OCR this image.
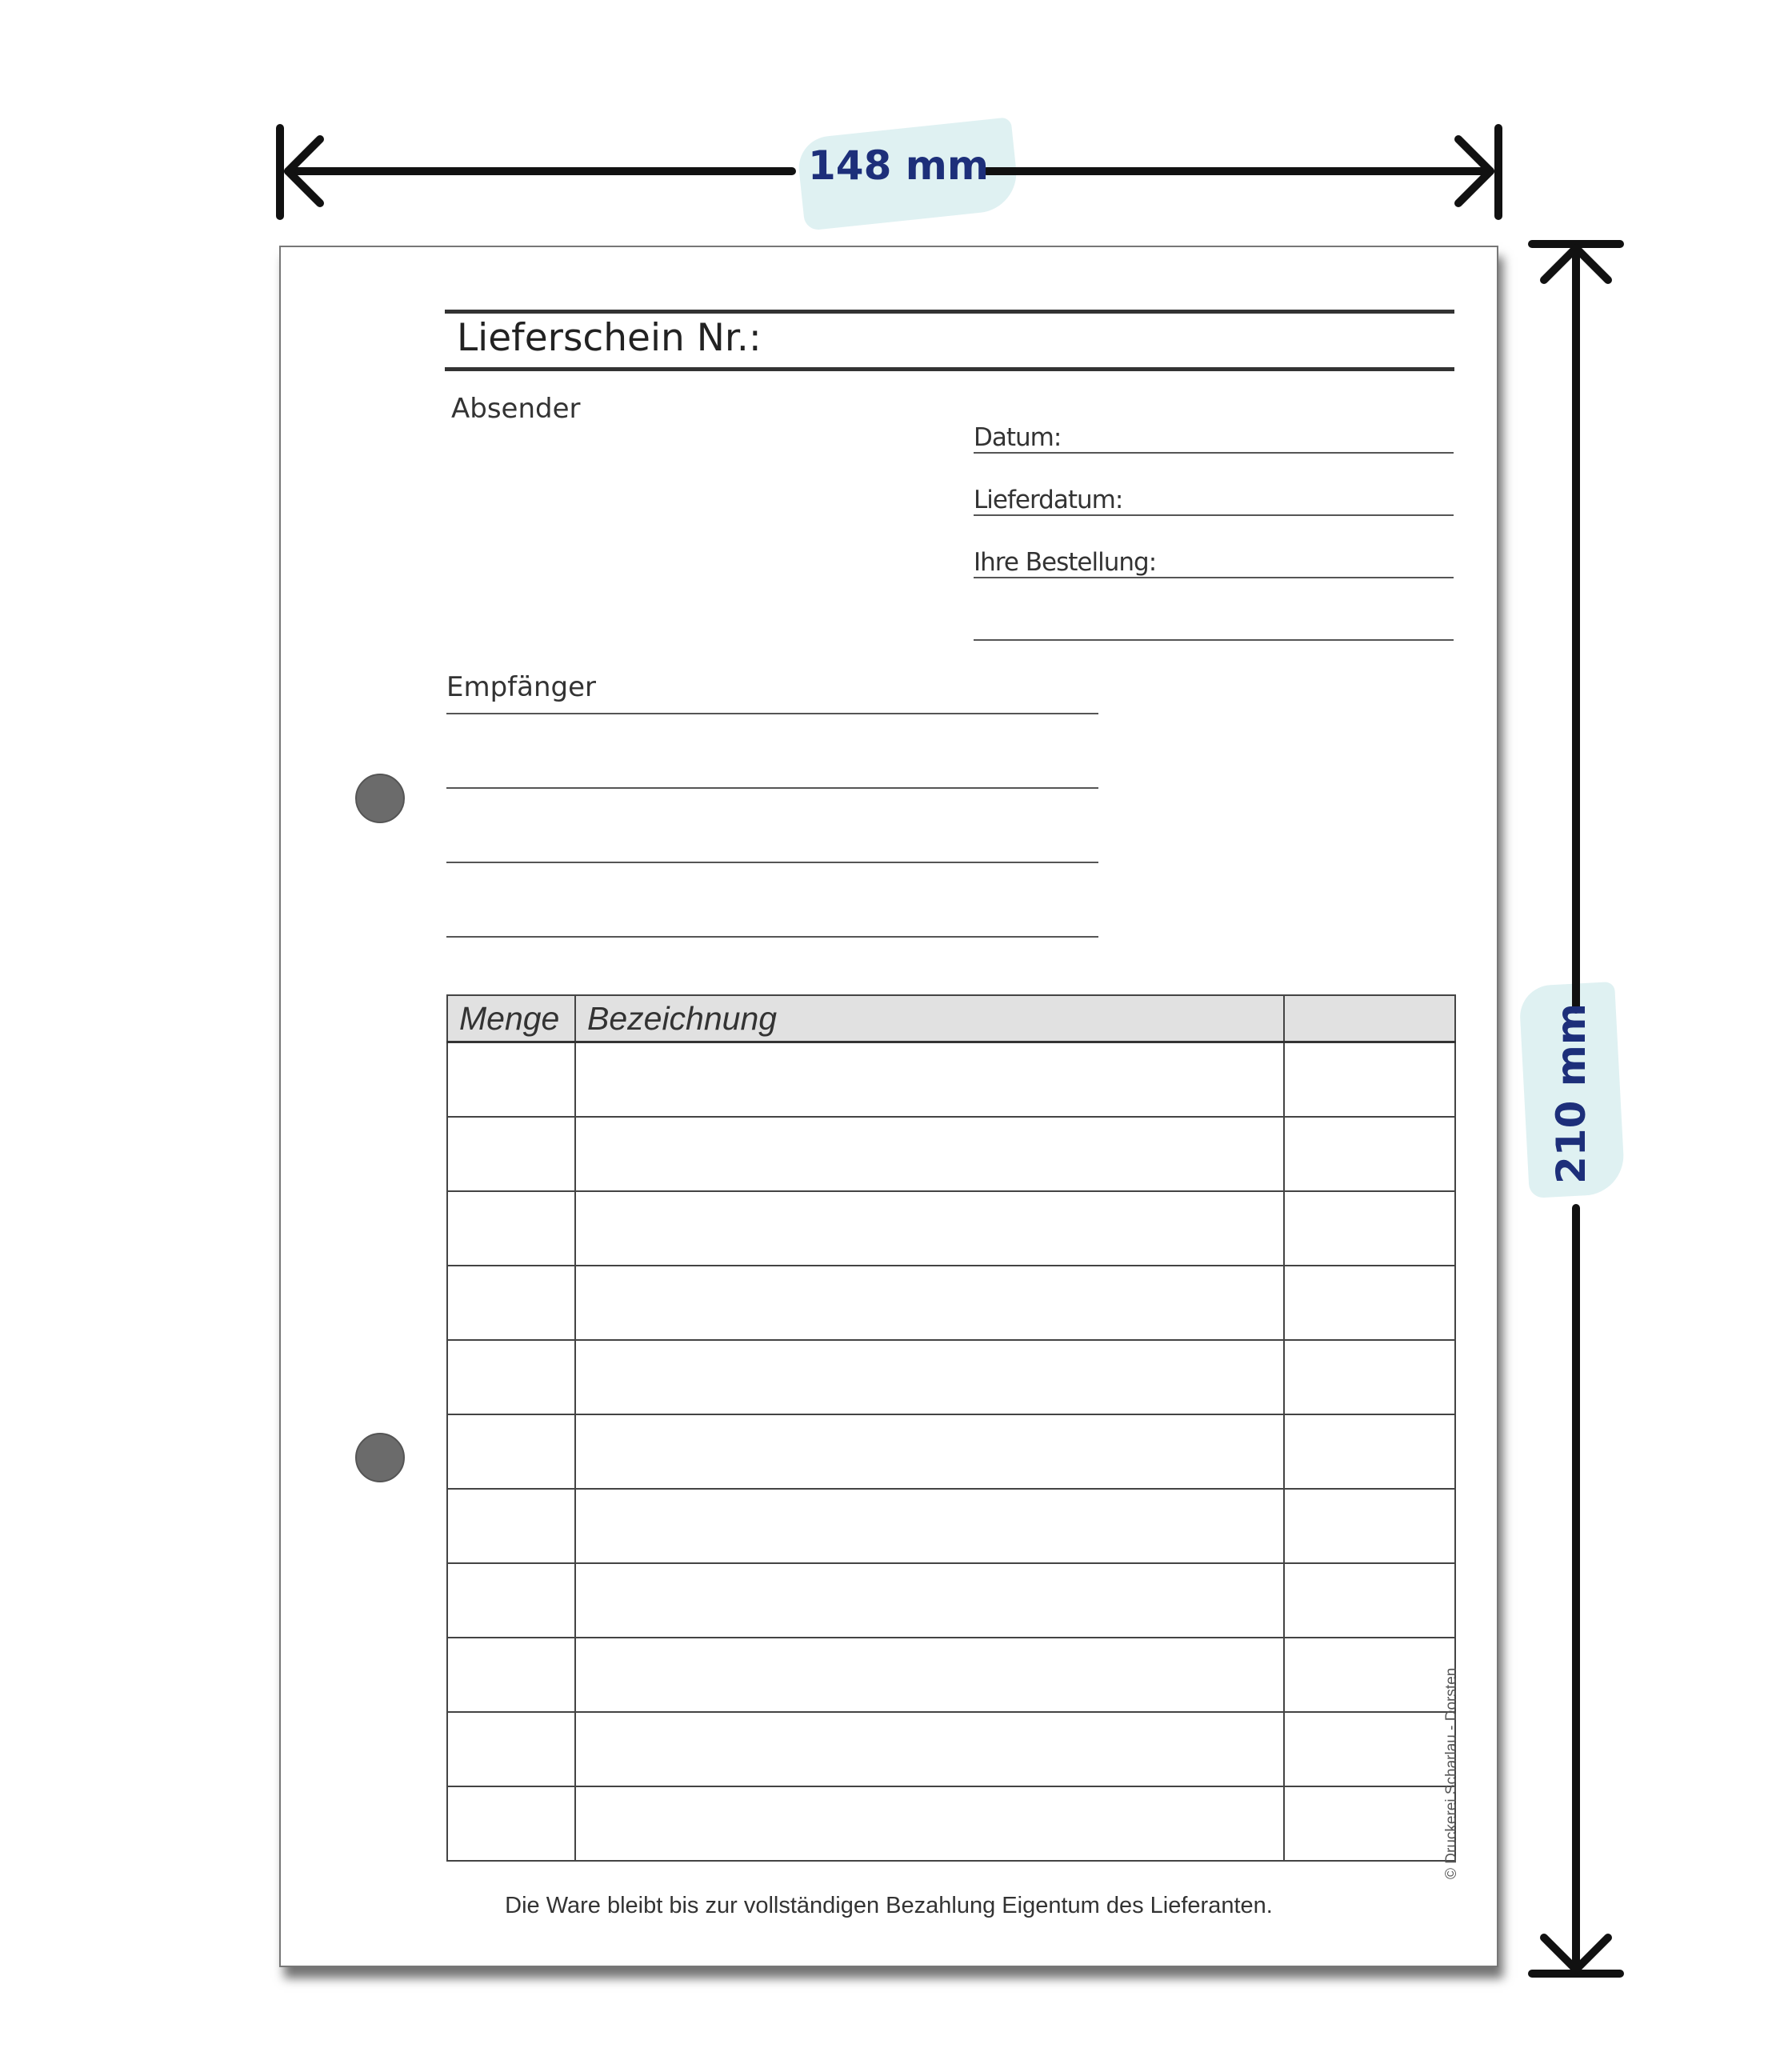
148 mm
210 mm
Lieferschein Nr.:
Absender
Datum:
Lieferdatum:
Ihre Bestellung:
Empfänger
Menge	Bezeichnung	

© Druckerei Scharlau - Dorsten
Die Ware bleibt bis zur vollständigen Bezahlung Eigentum des Lieferanten.
